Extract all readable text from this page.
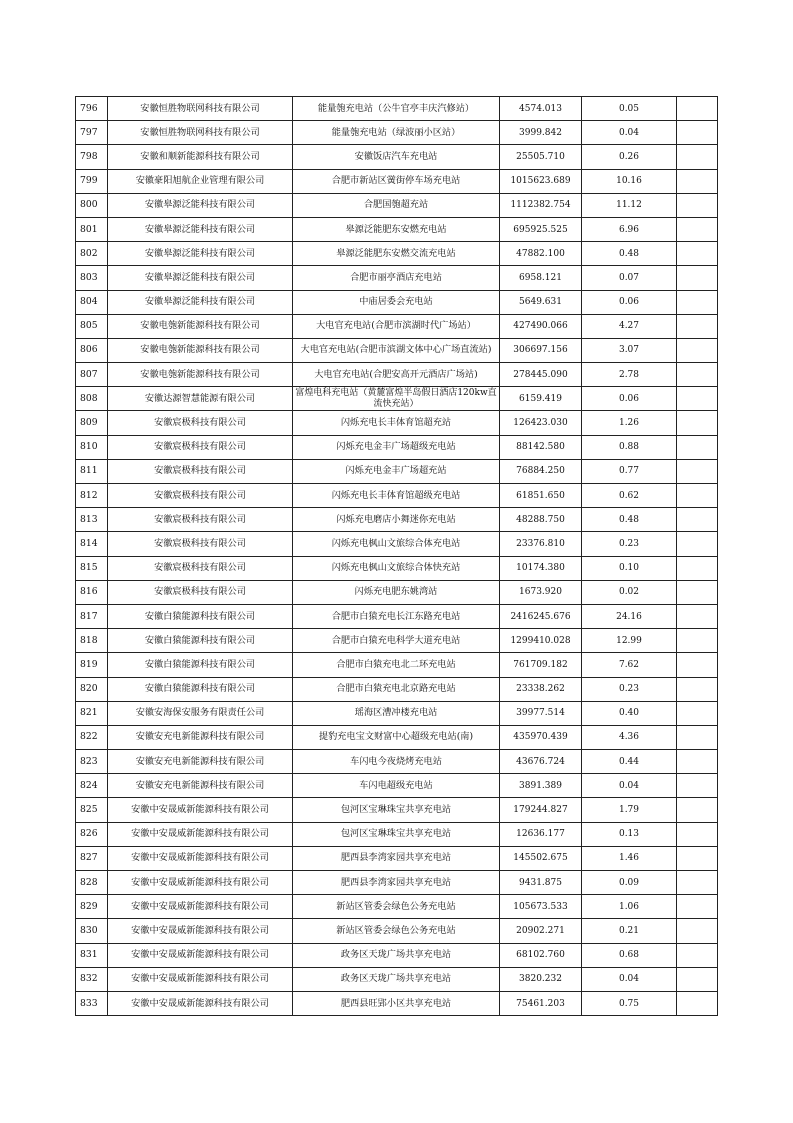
796	安徽恒胜物联网科技有限公司	能量匏充电站（公牛官亭丰庆汽修站）	4574.013	0.05	
797	安徽恒胜物联网科技有限公司	能量匏充电站（绿波丽小区站）	3999.842	0.04	
798	安徽和顺新能源科技有限公司	安徽饭店汽车充电站	25505.710	0.26	
799	安徽豪阳旭航企业管理有限公司	合肥市新站区黉街停车场充电站	1015623.689	10.16	
800	安徽皋源泛能科技有限公司	合肥国匏超充站	1112382.754	11.12	
801	安徽皋源泛能科技有限公司	皋源泛能肥东安燃充电站	695925.525	6.96	
802	安徽皋源泛能科技有限公司	皋源泛能肥东安燃交流充电站	47882.100	0.48	
803	安徽皋源泛能科技有限公司	合肥市丽亭酒店充电站	6958.121	0.07	
804	安徽皋源泛能科技有限公司	中庙居委会充电站	5649.631	0.06	
805	安徽电匏新能源科技有限公司	大电官充电站(合肥市滨湖时代广场站）	427490.066	4.27	
806	安徽电匏新能源科技有限公司	大电官充电站(合肥市滨湖文体中心广场直流站)	306697.156	3.07	
807	安徽电匏新能源科技有限公司	大电官充电站(合肥安高开元酒店广场站)	278445.090	2.78	
808	安徽达源智慧能源有限公司	富煌电科充电站（黄麓富煌半岛假日酒店120kw直流快充站）	6159.419	0.06	
809	安徽宸极科技有限公司	闪烁充电长丰体育馆超充站	126423.030	1.26	
810	安徽宸极科技有限公司	闪烁充电金丰广场超级充电站	88142.580	0.88	
811	安徽宸极科技有限公司	闪烁充电金丰广场超充站	76884.250	0.77	
812	安徽宸极科技有限公司	闪烁充电长丰体育馆超级充电站	61851.650	0.62	
813	安徽宸极科技有限公司	闪烁充电磨店小舞迷你充电站	48288.750	0.48	
814	安徽宸极科技有限公司	闪烁充电枫山文旅综合体充电站	23376.810	0.23	
815	安徽宸极科技有限公司	闪烁充电枫山文旅综合体快充站	10174.380	0.10	
816	安徽宸极科技有限公司	闪烁充电肥东姚湾站	1673.920	0.02	
817	安徽白猿能源科技有限公司	合肥市白猿充电长江东路充电站	2416245.676	24.16	
818	安徽白猿能源科技有限公司	合肥市白猿充电科学大道充电站	1299410.028	12.99	
819	安徽白猿能源科技有限公司	合肥市白猿充电北二环充电站	761709.182	7.62	
820	安徽白猿能源科技有限公司	合肥市白猿充电北京路充电站	23338.262	0.23	
821	安徽安海保安服务有限责任公司	瑶海区漕冲楼充电站	39977.514	0.40	
822	安徽安充电新能源科技有限公司	提豹充电宝文财富中心超级充电站(南)	435970.439	4.36	
823	安徽安充电新能源科技有限公司	车闪电今夜烧烤充电站	43676.724	0.44	
824	安徽安充电新能源科技有限公司	车闪电超级充电站	3891.389	0.04	
825	安徽中安晟威新能源科技有限公司	包河区宝琳珠宝共享充电站	179244.827	1.79	
826	安徽中安晟威新能源科技有限公司	包河区宝琳珠宝共享充电站	12636.177	0.13	
827	安徽中安晟威新能源科技有限公司	肥西县李湾家园共享充电站	145502.675	1.46	
828	安徽中安晟威新能源科技有限公司	肥西县李湾家园共享充电站	9431.875	0.09	
829	安徽中安晟威新能源科技有限公司	新站区管委会绿色公务充电站	105673.533	1.06	
830	安徽中安晟威新能源科技有限公司	新站区管委会绿色公务充电站	20902.271	0.21	
831	安徽中安晟威新能源科技有限公司	政务区天珑广场共享充电站	68102.760	0.68	
832	安徽中安晟威新能源科技有限公司	政务区天珑广场共享充电站	3820.232	0.04	
833	安徽中安晟威新能源科技有限公司	肥西县旺郢小区共享充电站	75461.203	0.75	
